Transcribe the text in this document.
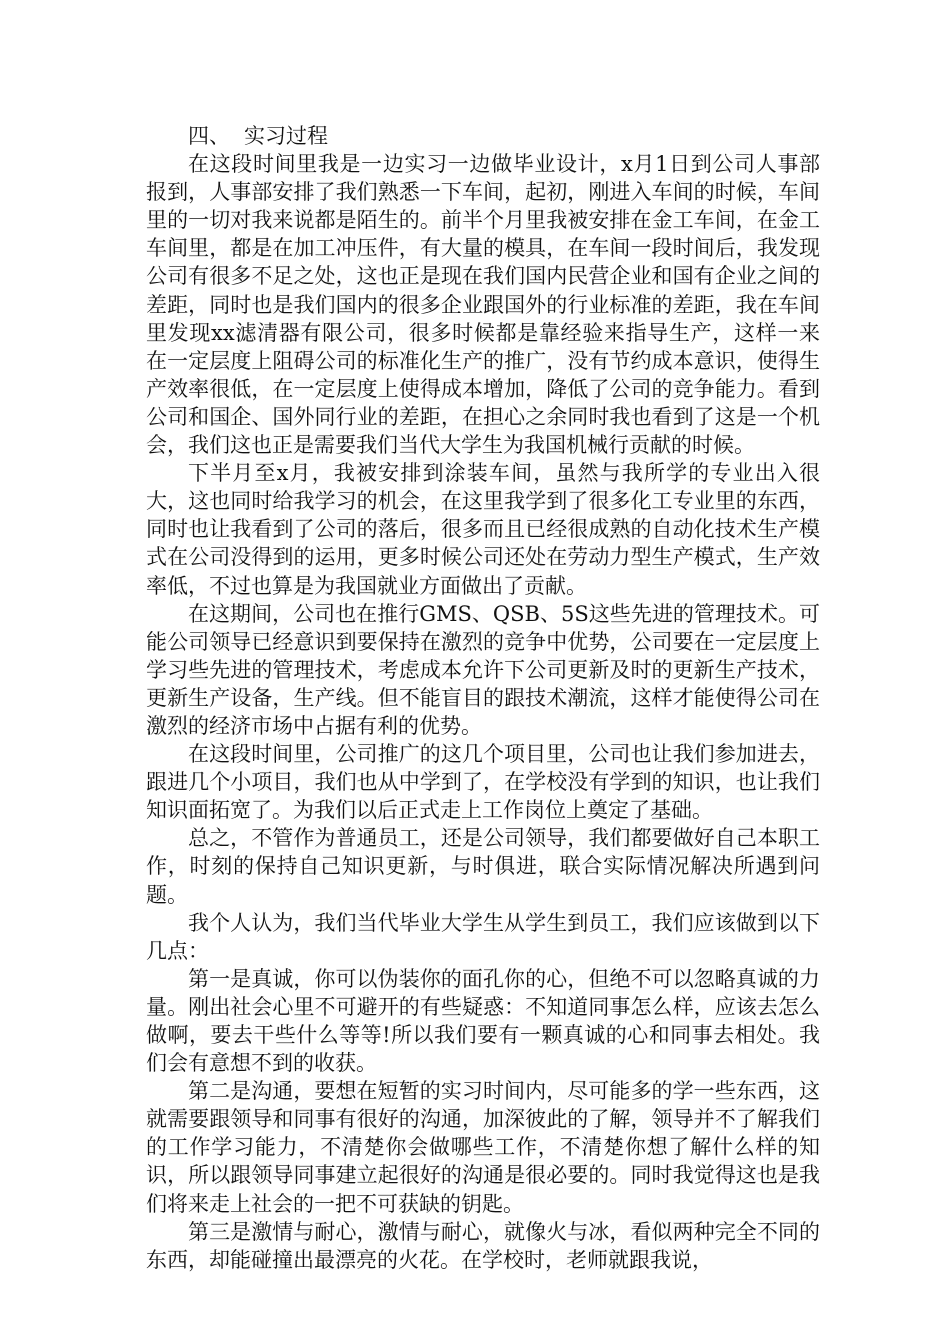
四、 实习过程

在这段时间里我是一边实习一边做毕业设计，x月1日到公司人事部报到，人事部安排了我们熟悉一下车间，起初，刚进入车间的时候，车间里的一切对我来说都是陌生的。前半个月里我被安排在金工车间，在金工车间里，都是在加工冲压件，有大量的模具，在车间一段时间后，我发现公司有很多不足之处，这也正是现在我们国内民营企业和国有企业之间的差距，同时也是我们国内的很多企业跟国外的行业标准的差距，我在车间里发现xx滤清器有限公司，很多时候都是靠经验来指导生产，这样一来在一定层度上阻碍公司的标准化生产的推广，没有节约成本意识，使得生产效率很低，在一定层度上使得成本增加，降低了公司的竞争能力。看到公司和国企、国外同行业的差距，在担心之余同时我也看到了这是一个机会，我们这也正是需要我们当代大学生为我国机械行贡献的时候。

下半月至x月，我被安排到涂装车间，虽然与我所学的专业出入很大，这也同时给我学习的机会，在这里我学到了很多化工专业里的东西，同时也让我看到了公司的落后，很多而且已经很成熟的自动化技术生产模式在公司没得到的运用，更多时候公司还处在劳动力型生产模式，生产效率低，不过也算是为我国就业方面做出了贡献。

在这期间，公司也在推行GMS、QSB、5S这些先进的管理技术。可能公司领导已经意识到要保持在激烈的竞争中优势，公司要在一定层度上学习些先进的管理技术，考虑成本允许下公司更新及时的更新生产技术，更新生产设备，生产线。但不能盲目的跟技术潮流，这样才能使得公司在激烈的经济市场中占据有利的优势。

在这段时间里，公司推广的这几个项目里，公司也让我们参加进去，跟进几个小项目，我们也从中学到了，在学校没有学到的知识，也让我们知识面拓宽了。为我们以后正式走上工作岗位上奠定了基础。

总之，不管作为普通员工，还是公司领导，我们都要做好自己本职工作，时刻的保持自己知识更新，与时俱进，联合实际情况解决所遇到问题。

我个人认为，我们当代毕业大学生从学生到员工，我们应该做到以下几点：

第一是真诚，你可以伪装你的面孔你的心，但绝不可以忽略真诚的力量。刚出社会心里不可避开的有些疑惑：不知道同事怎么样，应该去怎么做啊，要去干些什么等等!所以我们要有一颗真诚的心和同事去相处。我们会有意想不到的收获。

第二是沟通，要想在短暂的实习时间内，尽可能多的学一些东西，这就需要跟领导和同事有很好的沟通，加深彼此的了解，领导并不了解我们的工作学习能力，不清楚你会做哪些工作，不清楚你想了解什么样的知识，所以跟领导同事建立起很好的沟通是很必要的。同时我觉得这也是我们将来走上社会的一把不可获缺的钥匙。

第三是激情与耐心，激情与耐心，就像火与冰，看似两种完全不同的东西，却能碰撞出最漂亮的火花。在学校时，老师就跟我说，
